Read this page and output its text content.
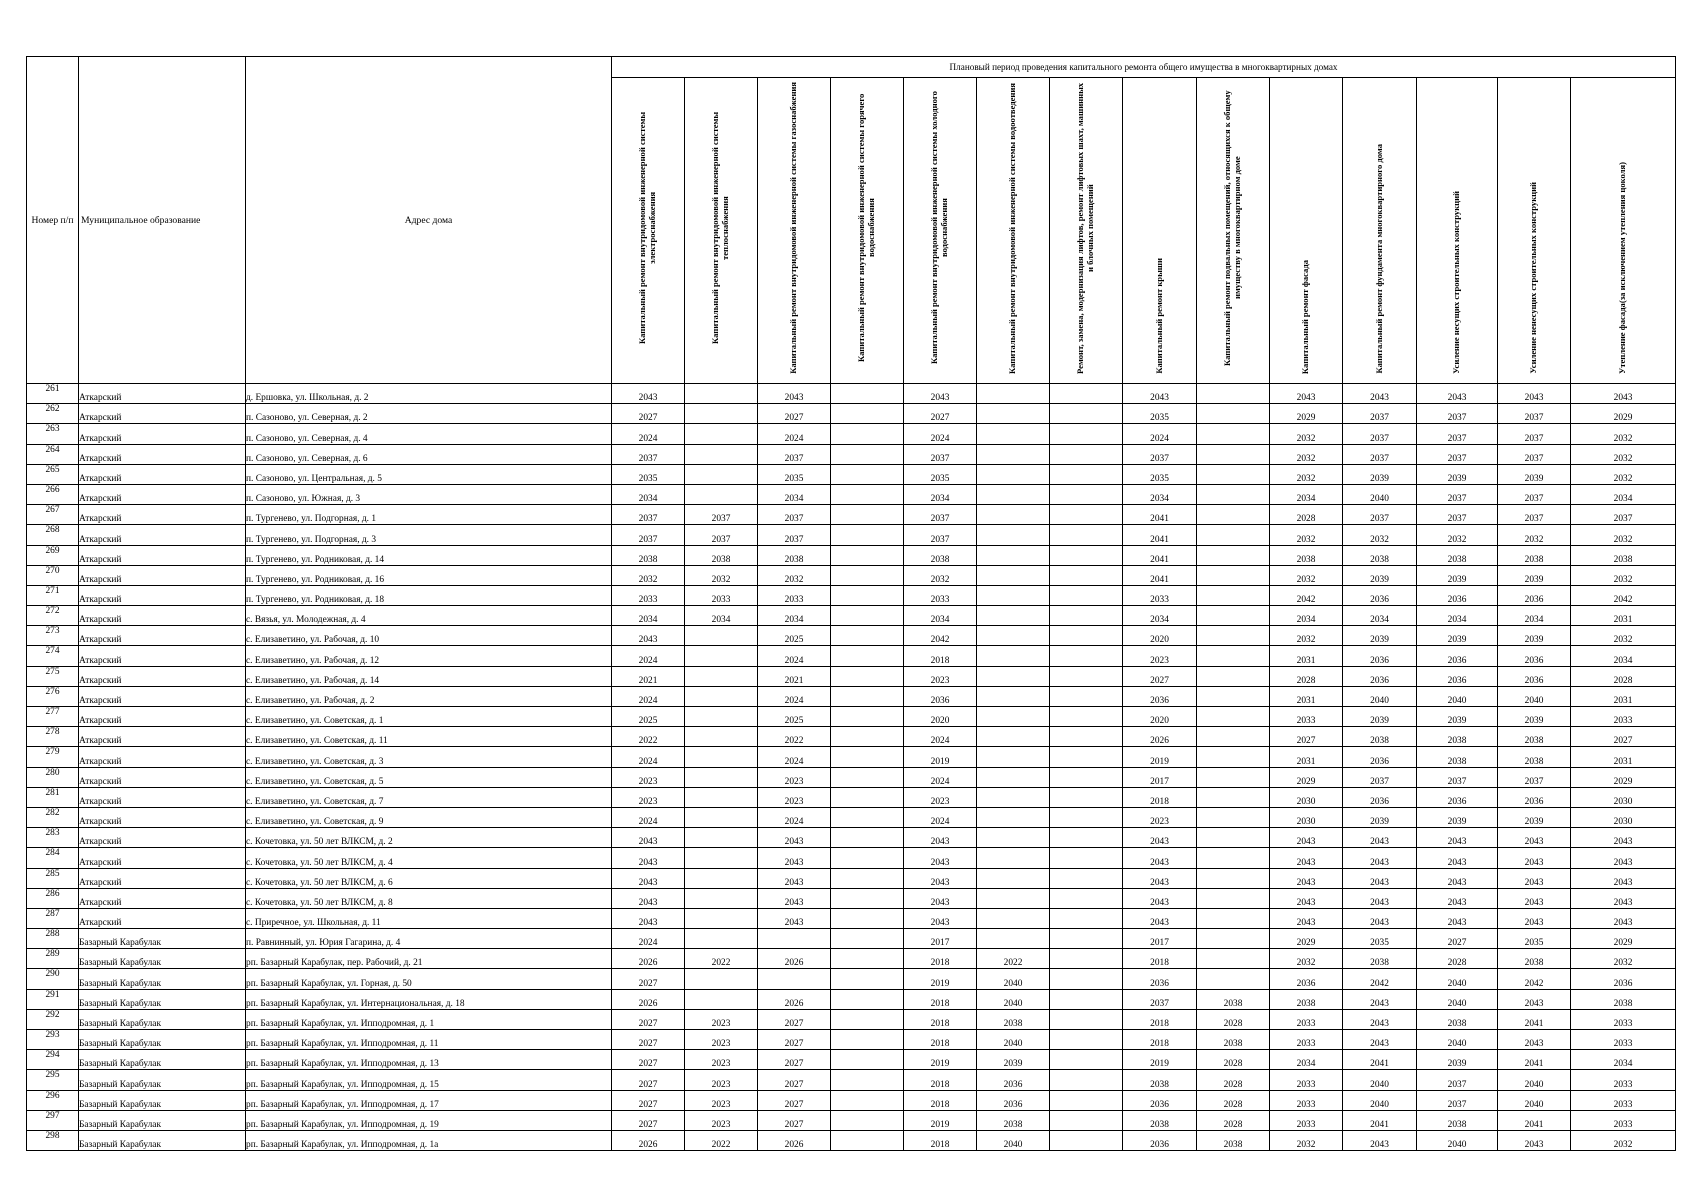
Номер п/п	Муниципальное образование	Адрес дома	Плановый период проведения капитального ремонта общего имущества в многоквартирных домах													
			Капитальный ремонт внутридомовой инженерной системы электроснабжения	Капитальный ремонт внутридомовой инженерной системы теплоснабжения	Капитальный ремонт внутридомовой инженерной системы газоснабжения	Капитальный ремонт внутридомовой инженерной системы горячего водоснабжения	Капитальный ремонт внутридомовой инженерной системы холодного водоснабжения	Капитальный ремонт внутридомовой инженерной системы водоотведения	Ремонт, замена, модернизация лифтов, ремонт лифтовых шахт, машинных и блочных помещений	Капитальный ремонт крыши	Капитальный ремонт подвальных помещений, относящихся к общему имуществу в многоквартирном доме	Капитальный ремонт фасада	Капитальный ремонт фундамента многоквартирного дома	Усиление несущих строительных конструкций	Усиление ненесущих строительных конструкций	Утепление фасада(за исключением утепления цоколя)
261	Аткарский	д. Ершовка, ул. Школьная, д. 2	2043		2043		2043			2043		2043	2043	2043	2043	2043
262	Аткарский	п. Сазоново, ул. Северная, д. 2	2027		2027		2027			2035		2029	2037	2037	2037	2029
263	Аткарский	п. Сазоново, ул. Северная, д. 4	2024		2024		2024			2024		2032	2037	2037	2037	2032
264	Аткарский	п. Сазоново, ул. Северная, д. 6	2037		2037		2037			2037		2032	2037	2037	2037	2032
265	Аткарский	п. Сазоново, ул. Центральная, д. 5	2035		2035		2035			2035		2032	2039	2039	2039	2032
266	Аткарский	п. Сазоново, ул. Южная, д. 3	2034		2034		2034			2034		2034	2040	2037	2037	2034
267	Аткарский	п. Тургенево, ул. Подгорная, д. 1	2037	2037	2037		2037			2041		2028	2037	2037	2037	2037
268	Аткарский	п. Тургенево, ул. Подгорная, д. 3	2037	2037	2037		2037			2041		2032	2032	2032	2032	2032
269	Аткарский	п. Тургенево, ул. Родниковая, д. 14	2038	2038	2038		2038			2041		2038	2038	2038	2038	2038
270	Аткарский	п. Тургенево, ул. Родниковая, д. 16	2032	2032	2032		2032			2041		2032	2039	2039	2039	2032
271	Аткарский	п. Тургенево, ул. Родниковая, д. 18	2033	2033	2033		2033			2033		2042	2036	2036	2036	2042
272	Аткарский	с. Вязья, ул. Молодежная, д. 4	2034	2034	2034		2034			2034		2034	2034	2034	2034	2031
273	Аткарский	с. Елизаветино, ул. Рабочая, д. 10	2043		2025		2042			2020		2032	2039	2039	2039	2032
274	Аткарский	с. Елизаветино, ул. Рабочая, д. 12	2024		2024		2018			2023		2031	2036	2036	2036	2034
275	Аткарский	с. Елизаветино, ул. Рабочая, д. 14	2021		2021		2023			2027		2028	2036	2036	2036	2028
276	Аткарский	с. Елизаветино, ул. Рабочая, д. 2	2024		2024		2036			2036		2031	2040	2040	2040	2031
277	Аткарский	с. Елизаветино, ул. Советская, д. 1	2025		2025		2020			2020		2033	2039	2039	2039	2033
278	Аткарский	с. Елизаветино, ул. Советская, д. 11	2022		2022		2024			2026		2027	2038	2038	2038	2027
279	Аткарский	с. Елизаветино, ул. Советская, д. 3	2024		2024		2019			2019		2031	2036	2038	2038	2031
280	Аткарский	с. Елизаветино, ул. Советская, д. 5	2023		2023		2024			2017		2029	2037	2037	2037	2029
281	Аткарский	с. Елизаветино, ул. Советская, д. 7	2023		2023		2023			2018		2030	2036	2036	2036	2030
282	Аткарский	с. Елизаветино, ул. Советская, д. 9	2024		2024		2024			2023		2030	2039	2039	2039	2030
283	Аткарский	с. Кочетовка, ул. 50 лет ВЛКСМ, д. 2	2043		2043		2043			2043		2043	2043	2043	2043	2043
284	Аткарский	с. Кочетовка, ул. 50 лет ВЛКСМ, д. 4	2043		2043		2043			2043		2043	2043	2043	2043	2043
285	Аткарский	с. Кочетовка, ул. 50 лет ВЛКСМ, д. 6	2043		2043		2043			2043		2043	2043	2043	2043	2043
286	Аткарский	с. Кочетовка, ул. 50 лет ВЛКСМ, д. 8	2043		2043		2043			2043		2043	2043	2043	2043	2043
287	Аткарский	с. Приречное, ул. Школьная, д. 11	2043		2043		2043			2043		2043	2043	2043	2043	2043
288	Базарный Карабулак	п. Равнинный, ул. Юрия Гагарина, д. 4	2024				2017			2017		2029	2035	2027	2035	2029
289	Базарный Карабулак	рп. Базарный Карабулак, пер. Рабочий, д. 21	2026	2022	2026		2018	2022		2018		2032	2038	2028	2038	2032
290	Базарный Карабулак	рп. Базарный Карабулак, ул. Горная, д. 50	2027				2019	2040		2036		2036	2042	2040	2042	2036
291	Базарный Карабулак	рп. Базарный Карабулак, ул. Интернациональная, д. 18	2026		2026		2018	2040		2037	2038	2038	2043	2040	2043	2038
292	Базарный Карабулак	рп. Базарный Карабулак, ул. Ипподромная, д. 1	2027	2023	2027		2018	2038		2018	2028	2033	2043	2038	2041	2033
293	Базарный Карабулак	рп. Базарный Карабулак, ул. Ипподромная, д. 11	2027	2023	2027		2018	2040		2018	2038	2033	2043	2040	2043	2033
294	Базарный Карабулак	рп. Базарный Карабулак, ул. Ипподромная, д. 13	2027	2023	2027		2019	2039		2019	2028	2034	2041	2039	2041	2034
295	Базарный Карабулак	рп. Базарный Карабулак, ул. Ипподромная, д. 15	2027	2023	2027		2018	2036		2038	2028	2033	2040	2037	2040	2033
296	Базарный Карабулак	рп. Базарный Карабулак, ул. Ипподромная, д. 17	2027	2023	2027		2018	2036		2036	2028	2033	2040	2037	2040	2033
297	Базарный Карабулак	рп. Базарный Карабулак, ул. Ипподромная, д. 19	2027	2023	2027		2019	2038		2038	2028	2033	2041	2038	2041	2033
298	Базарный Карабулак	рп. Базарный Карабулак, ул. Ипподромная, д. 1а	2026	2022	2026		2018	2040		2036	2038	2032	2043	2040	2043	2032
